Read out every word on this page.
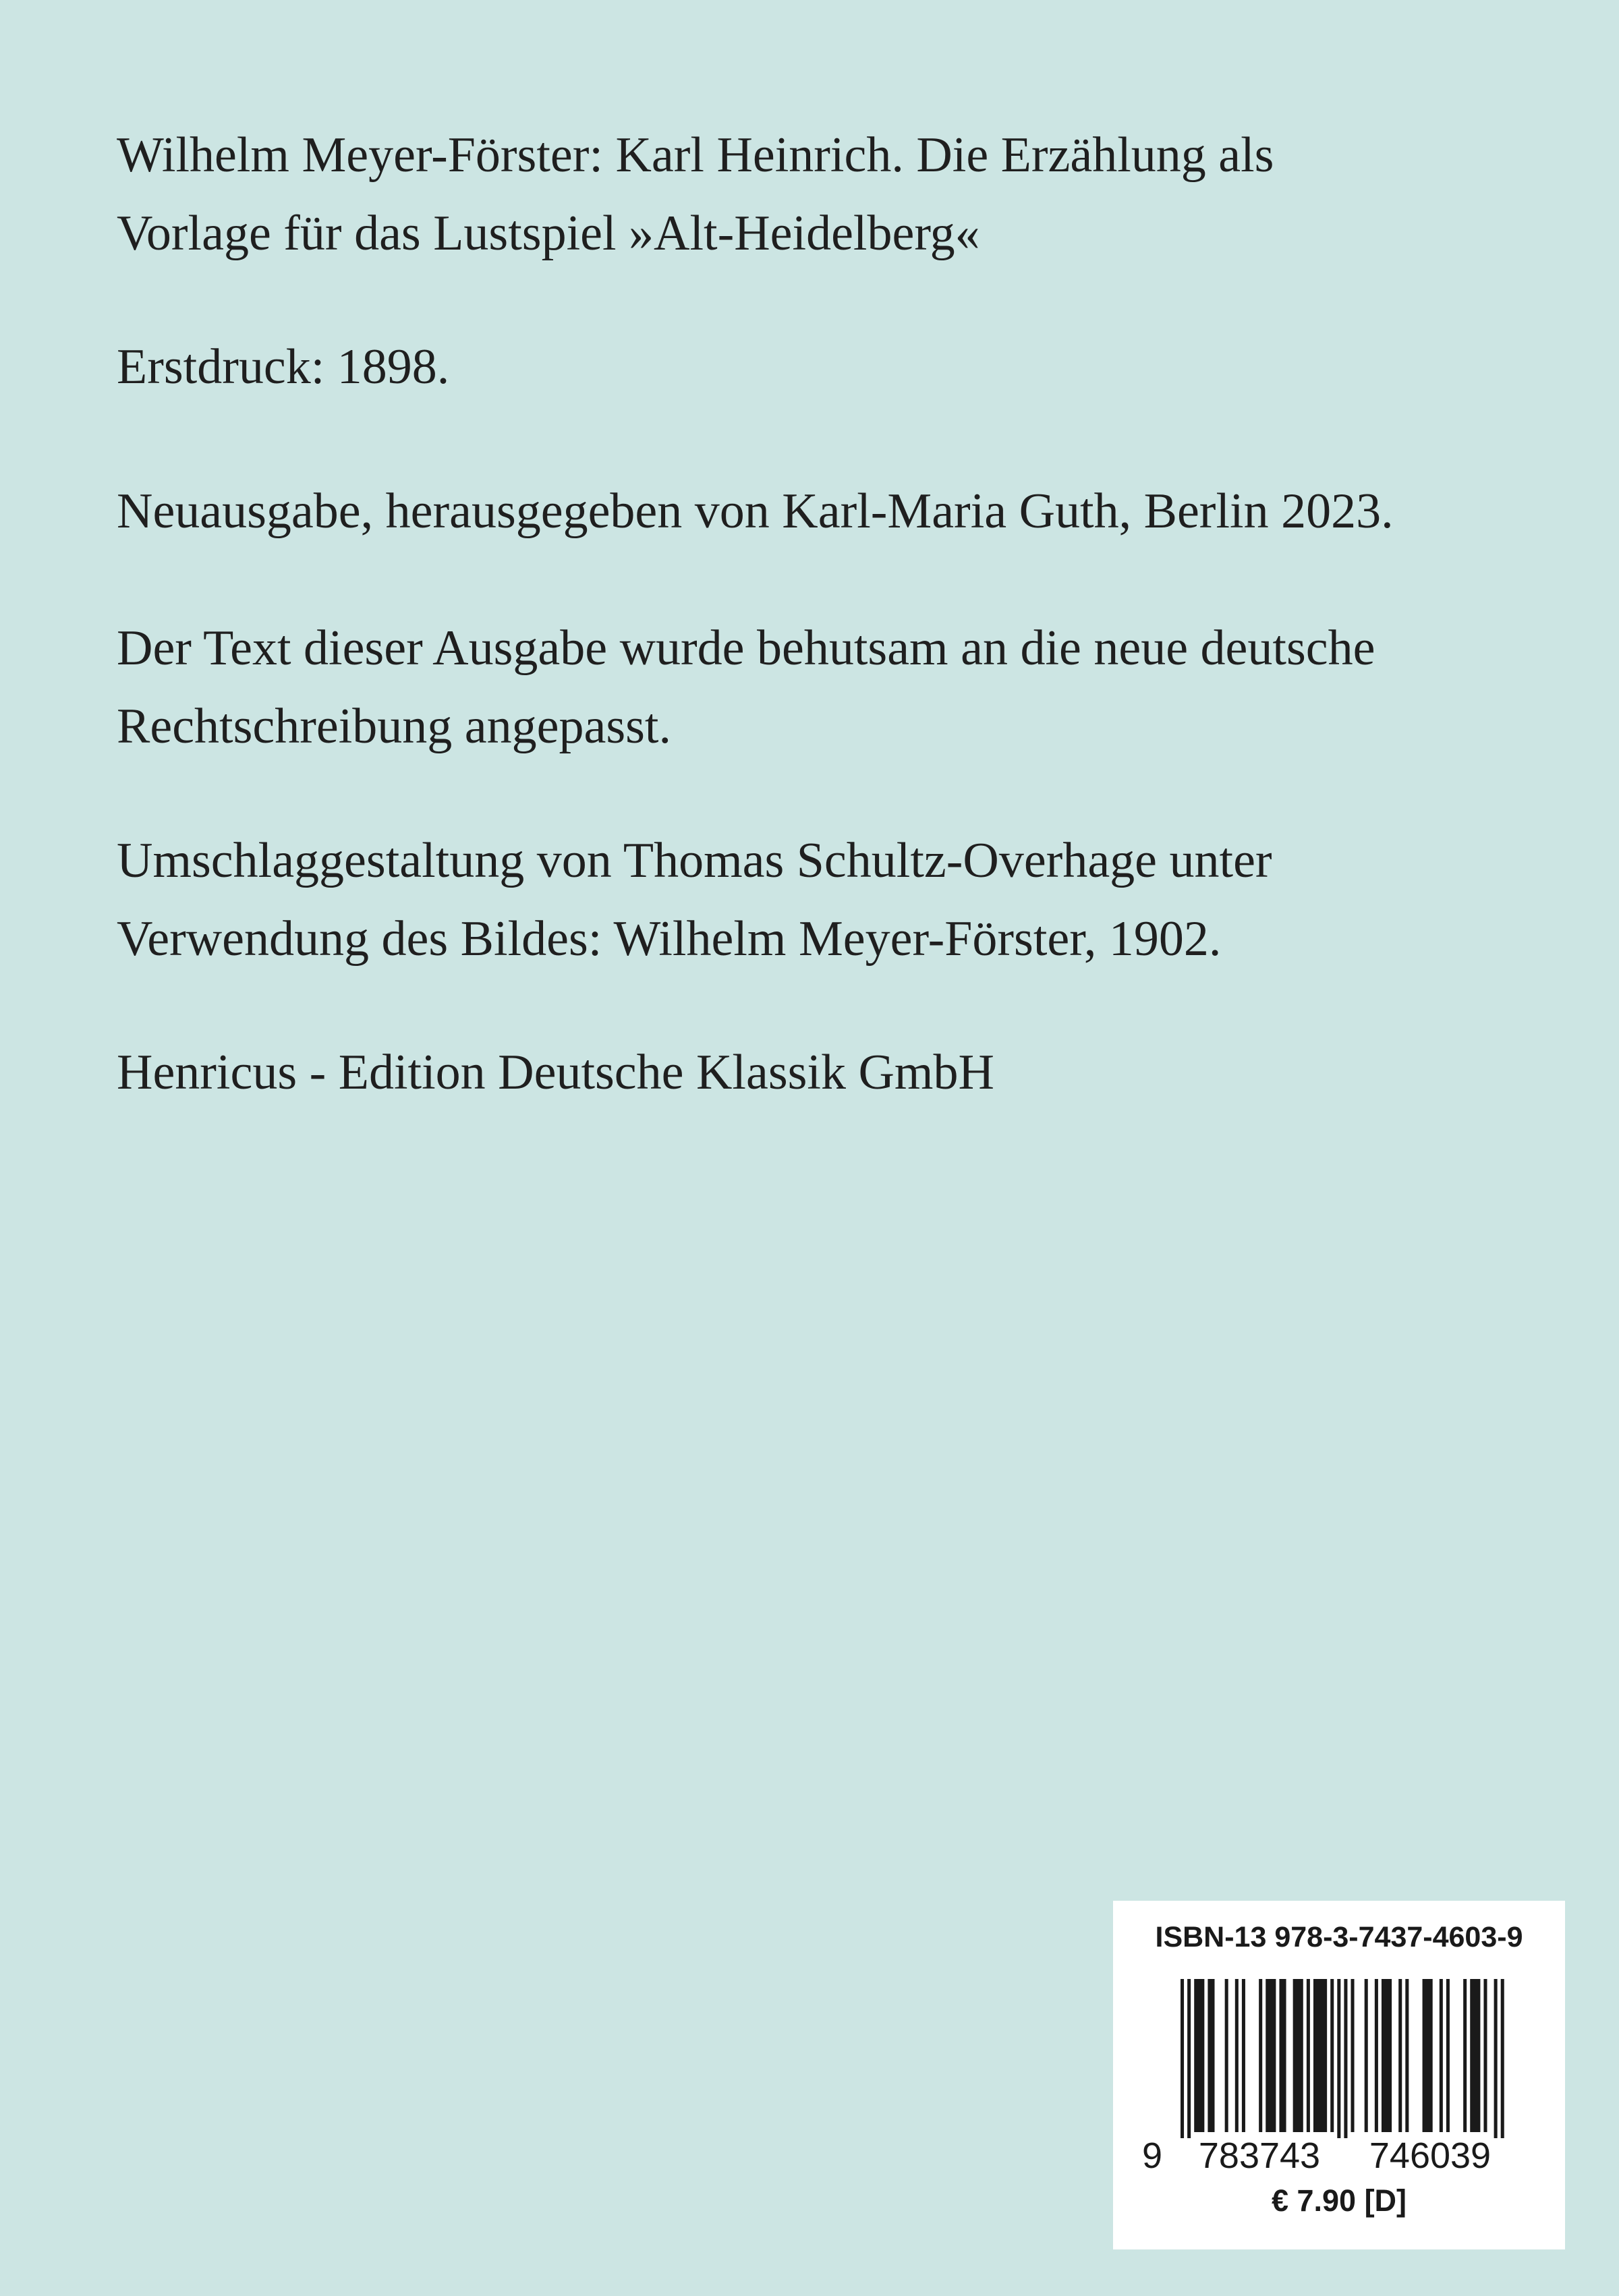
Wilhelm Meyer-Förster: Karl Heinrich. Die Erzählung als
Vorlage für das Lustspiel »Alt-Heidelberg«

Erstdruck: 1898.

Neuausgabe, herausgegeben von Karl-Maria Guth, Berlin 2023.

Der Text dieser Ausgabe wurde behutsam an die neue deutsche
Rechtschreibung angepasst.

Umschlaggestaltung von Thomas Schultz-Overhage unter
Verwendung des Bildes: Wilhelm Meyer-Förster, 1902.

Henricus - Edition Deutsche Klassik GmbH

ISBN-13 978-3-7437-4603-9
9 783743 746039
€ 7.90 [D]
